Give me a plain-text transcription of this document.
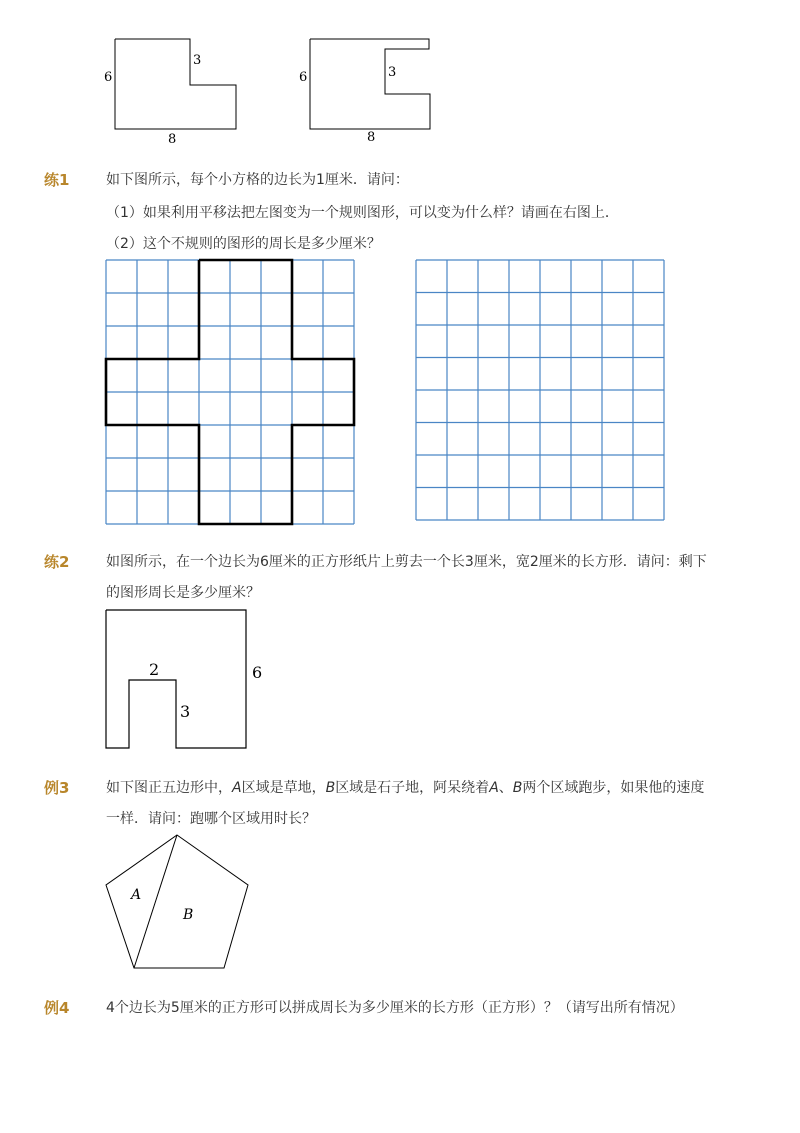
6
3
8
6	3
8
练1	如下图所示，每个小方格的边长为1厘米．请问：
（1）如果利用平移法把左图变为一个规则图形，可以变为什么样？请画在右图上．
（2）这个不规则的图形的周长是多少厘米？
练2	如图所示，在一个边长为6厘米的正方形纸片上剪去一个长3厘米，宽2厘米的长方形．请问：剩下
的图形周长是多少厘米？
2
3
6
例3	如下图正五边形中，A区域是草地，B区域是石子地，阿呆绕着A、B两个区域跑步，如果他的速度
一样．请问：跑哪个区域用时长？
A
B
例4	4个边长为5厘米的正方形可以拼成周长为多少厘米的长方形（正方形）？（请写出所有情况）
